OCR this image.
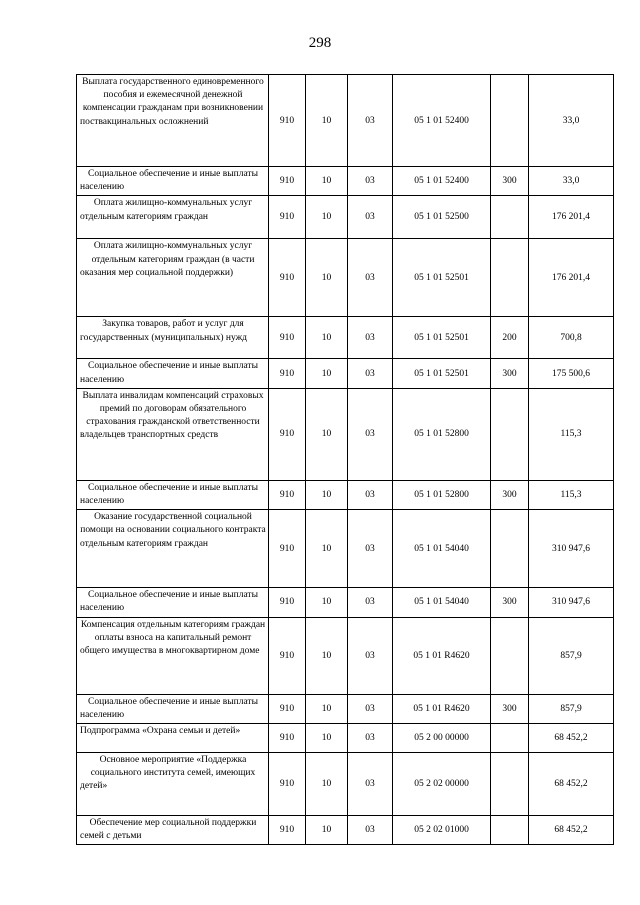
298
Выплата государственного единовременного пособия и ежемесячной денежной компенсации гражданам при возникновении поствакцинальных осложнений	910	10	03	05 1 01 52400		33,0
Социальное обеспечение и иные выплаты населению	910	10	03	05 1 01 52400	300	33,0
Оплата жилищно-коммунальных услуг отдельным категориям граждан	910	10	03	05 1 01 52500		176 201,4
Оплата жилищно-коммунальных услуг отдельным категориям граждан (в части оказания мер социальной поддержки)	910	10	03	05 1 01 52501		176 201,4
Закупка товаров, работ и услуг для государственных (муниципальных) нужд	910	10	03	05 1 01 52501	200	700,8
Социальное обеспечение и иные выплаты населению	910	10	03	05 1 01 52501	300	175 500,6
Выплата инвалидам компенсаций страховых премий по договорам обязательного страхования гражданской ответственности владельцев транспортных средств	910	10	03	05 1 01 52800		115,3
Социальное обеспечение и иные выплаты населению	910	10	03	05 1 01 52800	300	115,3
Оказание государственной социальной помощи на основании социального контракта отдельным категориям граждан	910	10	03	05 1 01 54040		310 947,6
Социальное обеспечение и иные выплаты населению	910	10	03	05 1 01 54040	300	310 947,6
Компенсация отдельным категориям граждан оплаты взноса на капитальный ремонт общего имущества в многоквартирном доме	910	10	03	05 1 01 R4620		857,9
Социальное обеспечение и иные выплаты населению	910	10	03	05 1 01 R4620	300	857,9
Подпрограмма «Охрана семьи и детей»	910	10	03	05 2 00 00000		68 452,2
Основное мероприятие «Поддержка социального института семей, имеющих детей»	910	10	03	05 2 02 00000		68 452,2
Обеспечение мер социальной поддержки семей с детьми	910	10	03	05 2 02 01000		68 452,2
